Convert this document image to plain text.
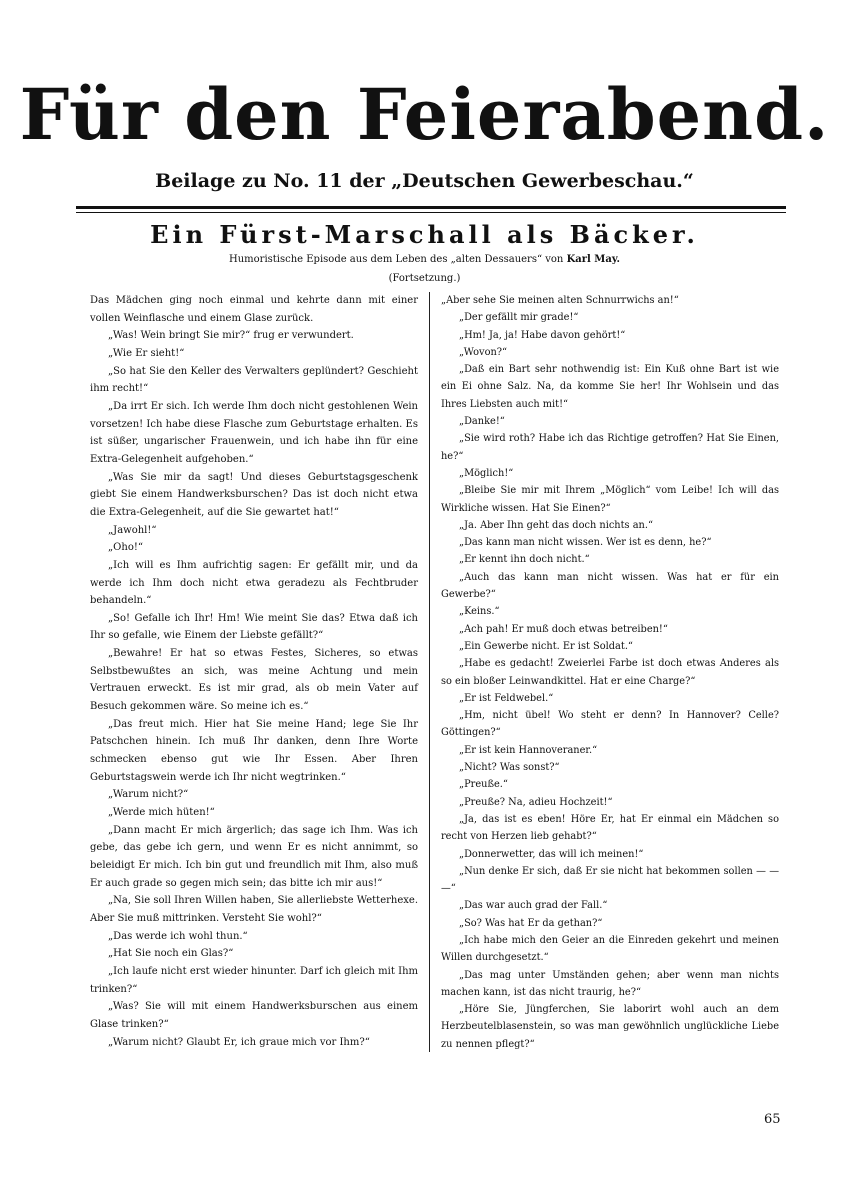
Für den Feierabend.
Beilage zu No. 11 der „Deutschen Gewerbeschau.“
Ein Fürst-Marschall als Bäcker.
Humoristische Episode aus dem Leben des „alten Dessauers“ von Karl May.
(Fortsetzung.)

Das Mädchen ging noch einmal und kehrte dann mit einer vollen Weinflasche und einem Glase zurück.

„Was! Wein bringt Sie mir?“ frug er verwundert.

„Wie Er sieht!“

„So hat Sie den Keller des Verwalters geplündert? Geschieht ihm recht!“

„Da irrt Er sich. Ich werde Ihm doch nicht gestohlenen Wein vorsetzen! Ich habe diese Flasche zum Geburtstage erhalten. Es ist süßer, ungarischer Frauenwein, und ich habe ihn für eine Extra-Gelegenheit aufgehoben.“

„Was Sie mir da sagt! Und dieses Geburtstagsgeschenk giebt Sie einem Handwerksburschen? Das ist doch nicht etwa die Extra-Gelegenheit, auf die Sie gewartet hat!“

„Jawohl!“

„Oho!“

„Ich will es Ihm aufrichtig sagen: Er gefällt mir, und da werde ich Ihm doch nicht etwa geradezu als Fechtbruder behandeln.“

„So! Gefalle ich Ihr! Hm! Wie meint Sie das? Etwa daß ich Ihr so gefalle, wie Einem der Liebste gefällt?“

„Bewahre! Er hat so etwas Festes, Sicheres, so etwas Selbstbewußtes an sich, was meine Achtung und mein Vertrauen erweckt. Es ist mir grad, als ob mein Vater auf Besuch gekommen wäre. So meine ich es.“

„Das freut mich. Hier hat Sie meine Hand; lege Sie Ihr Patschchen hinein. Ich muß Ihr danken, denn Ihre Worte schmecken ebenso gut wie Ihr Essen. Aber Ihren Geburtstagswein werde ich Ihr nicht wegtrinken.“

„Warum nicht?“

„Werde mich hüten!“

„Dann macht Er mich ärgerlich; das sage ich Ihm. Was ich gebe, das gebe ich gern, und wenn Er es nicht annimmt, so beleidigt Er mich. Ich bin gut und freundlich mit Ihm, also muß Er auch grade so gegen mich sein; das bitte ich mir aus!“

„Na, Sie soll Ihren Willen haben, Sie allerliebste Wetterhexe. Aber Sie muß mittrinken. Versteht Sie wohl?“

„Das werde ich wohl thun.“

„Hat Sie noch ein Glas?“

„Ich laufe nicht erst wieder hinunter. Darf ich gleich mit Ihm trinken?“

„Was? Sie will mit einem Handwerksburschen aus einem Glase trinken?“

„Warum nicht? Glaubt Er, ich graue mich vor Ihm?“

„Aber sehe Sie meinen alten Schnurrwichs an!“

„Der gefällt mir grade!“

„Hm! Ja, ja! Habe davon gehört!“

„Wovon?“

„Daß ein Bart sehr nothwendig ist: Ein Kuß ohne Bart ist wie ein Ei ohne Salz. Na, da komme Sie her! Ihr Wohlsein und das Ihres Liebsten auch mit!“

„Danke!“

„Sie wird roth? Habe ich das Richtige getroffen? Hat Sie Einen, he?“

„Möglich!“

„Bleibe Sie mir mit Ihrem „Möglich“ vom Leibe! Ich will das Wirkliche wissen. Hat Sie Einen?“

„Ja. Aber Ihn geht das doch nichts an.“

„Das kann man nicht wissen. Wer ist es denn, he?“

„Er kennt ihn doch nicht.“

„Auch das kann man nicht wissen. Was hat er für ein Gewerbe?“

„Keins.“

„Ach pah! Er muß doch etwas betreiben!“

„Ein Gewerbe nicht. Er ist Soldat.“

„Habe es gedacht! Zweierlei Farbe ist doch etwas Anderes als so ein bloßer Leinwandkittel. Hat er eine Charge?“

„Er ist Feldwebel.“

„Hm, nicht übel! Wo steht er denn? In Hannover? Celle? Göttingen?“

„Er ist kein Hannoveraner.“

„Nicht? Was sonst?“

„Preuße.“

„Preuße? Na, adieu Hochzeit!“

„Ja, das ist es eben! Höre Er, hat Er einmal ein Mädchen so recht von Herzen lieb gehabt?“

„Donnerwetter, das will ich meinen!“

„Nun denke Er sich, daß Er sie nicht hat bekommen sollen — — —“

„Das war auch grad der Fall.“

„So? Was hat Er da gethan?“

„Ich habe mich den Geier an die Einreden gekehrt und meinen Willen durchgesetzt.“

„Das mag unter Umständen gehen; aber wenn man nichts machen kann, ist das nicht traurig, he?“

„Höre Sie, Jüngferchen, Sie laborirt wohl auch an dem Herzbeutelblasenstein, so was man gewöhnlich unglückliche Liebe zu nennen pflegt?“

65
